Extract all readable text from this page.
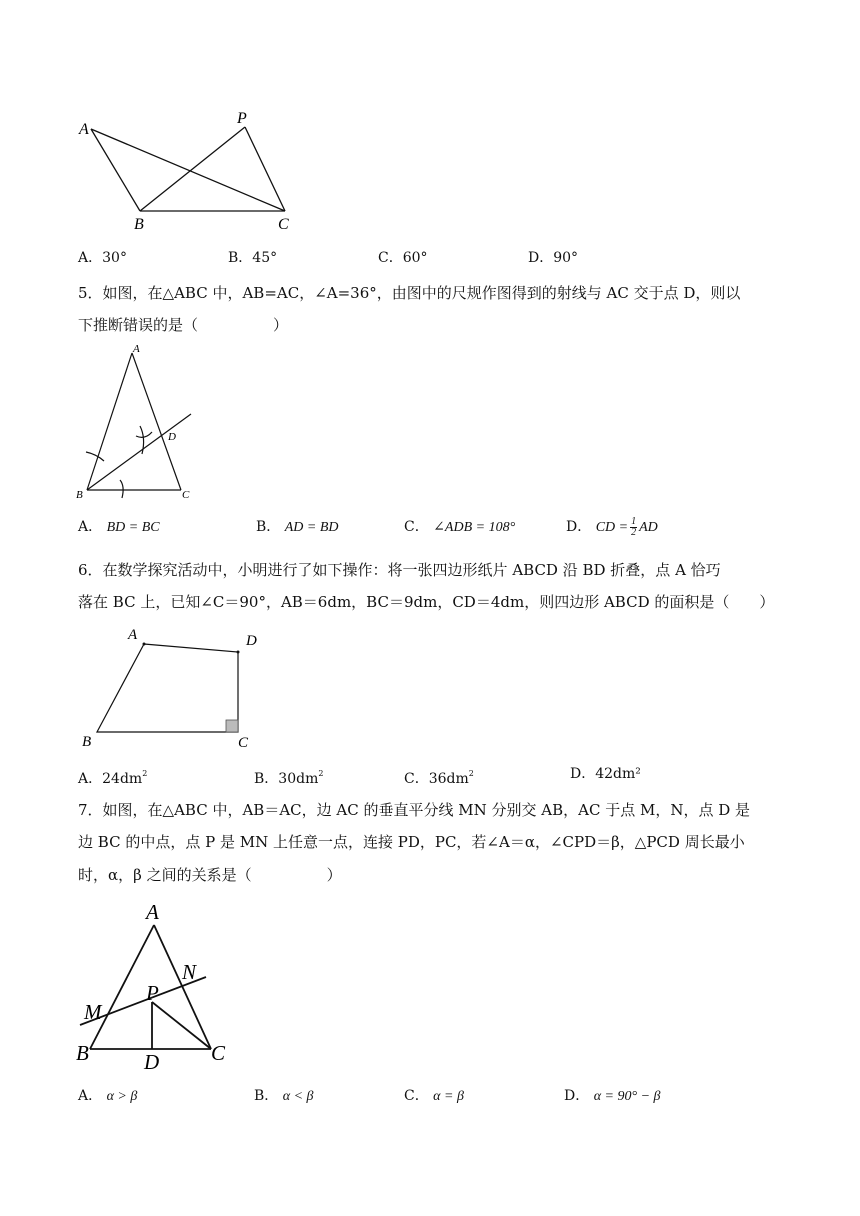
A
P
B	C
A．30°	B．45°	C．60°	D．90°
5．如图，在△ABC 中，AB=AC，∠A=36°，由图中的尺规作图得到的射线与 AC 交于点 D，则以
下推断错误的是（　　　　　）
A
B	C
D
A． BD = BC	B． AD = BD	C． ∠ADB = 108°	D． CD = $\frac{1}{2}$ AD
6．在数学探究活动中，小明进行了如下操作：将一张四边形纸片 ABCD 沿 BD 折叠，点 A 恰巧
落在 BC 上，已知∠C＝90°，AB＝6dm，BC＝9dm，CD＝4dm，则四边形 ABCD 的面积是（　　）
A	D
B	C
A．$24dm^2$	B．$30dm^2$	C．$36dm^2$	D．42dm²
7．如图，在△ABC 中，AB＝AC，边 AC 的垂直平分线 MN 分别交 AB，AC 于点 M，N，点 D 是
边 BC 的中点，点 P 是 MN 上任意一点，连接 PD，PC，若∠A＝α，∠CPD＝β，△PCD 周长最小
时，α，β 之间的关系是（　　　　　）
A
N
P
M
B	D C
A． α > β	B． α < β	C． α = β	D． α = 90° − β
